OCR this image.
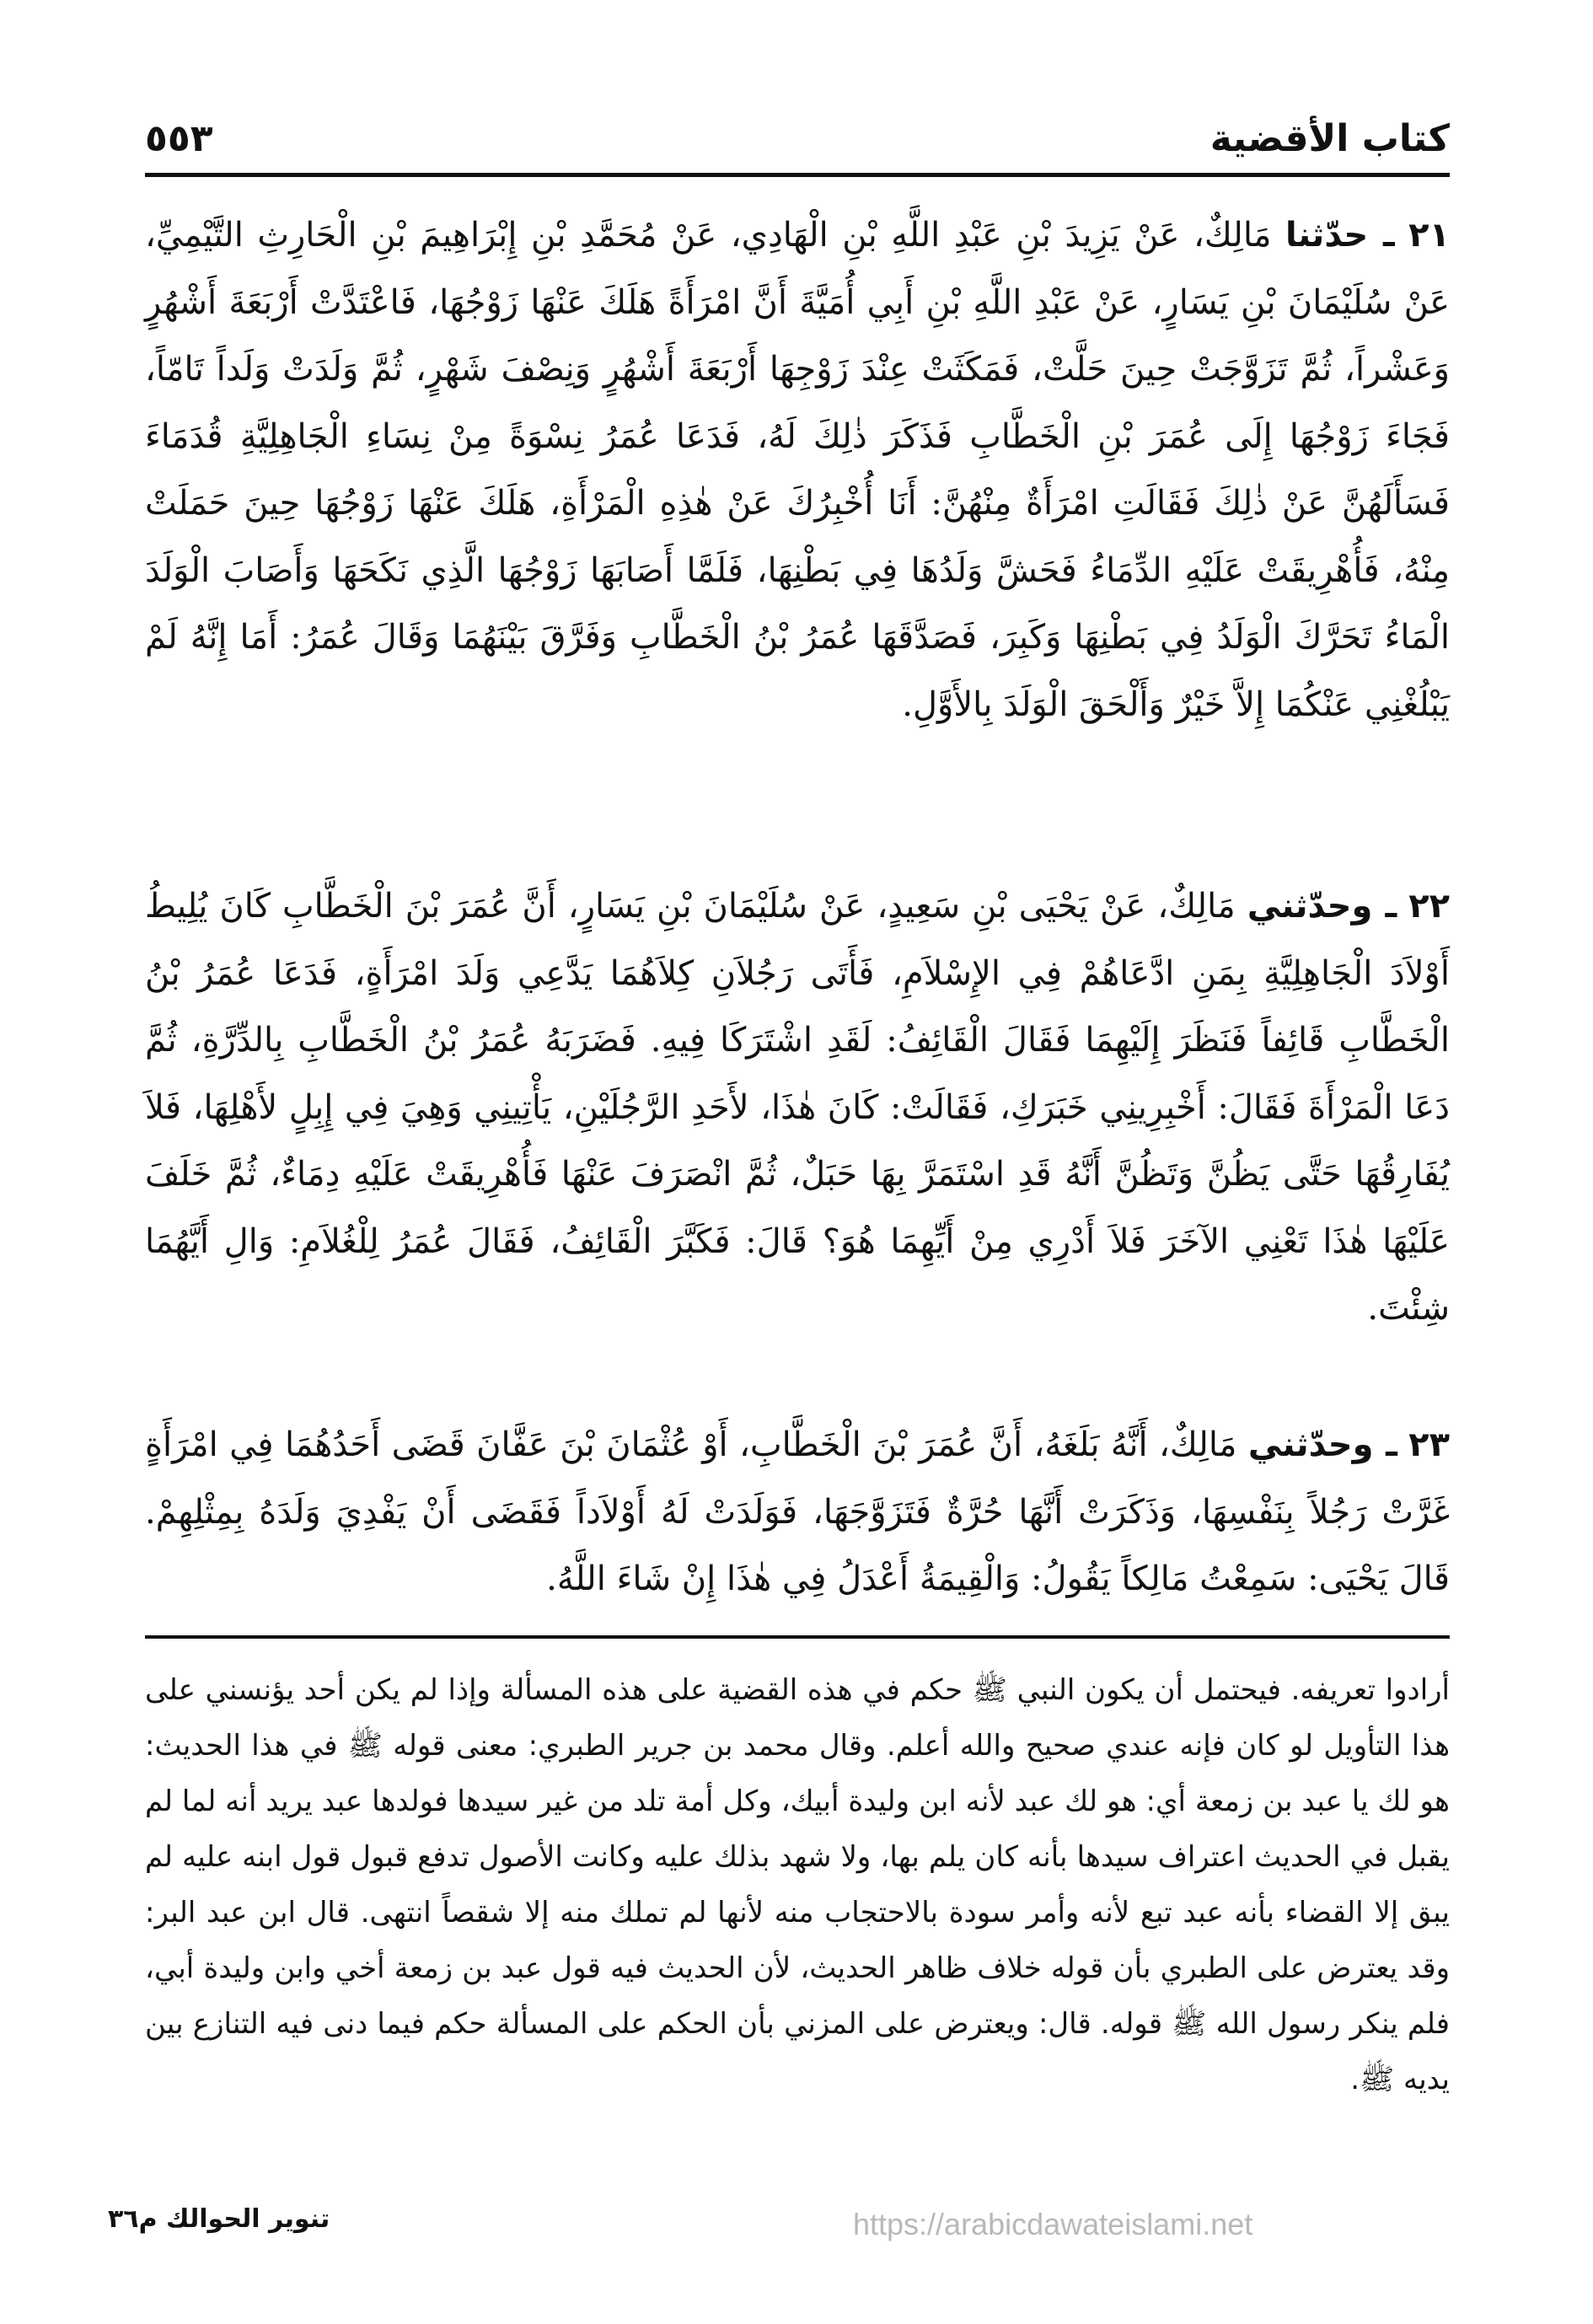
كتاب الأقضية
٥٥٣

٢١ ـ حدّثنا مَالِكٌ، عَنْ يَزِيدَ بْنِ عَبْدِ اللَّهِ بْنِ الْهَادِي، عَنْ مُحَمَّدِ بْنِ إِبْرَاهِيمَ بْنِ الْحَارِثِ التَّيْمِيِّ، عَنْ سُلَيْمَانَ بْنِ يَسَارٍ، عَنْ عَبْدِ اللَّهِ بْنِ أَبِي أُمَيَّةَ أَنَّ امْرَأَةً هَلَكَ عَنْهَا زَوْجُهَا، فَاعْتَدَّتْ أَرْبَعَةَ أَشْهُرٍ وَعَشْراً، ثُمَّ تَزَوَّجَتْ حِينَ حَلَّتْ، فَمَكَثَتْ عِنْدَ زَوْجِهَا أَرْبَعَةَ أَشْهُرٍ وَنِصْفَ شَهْرٍ، ثُمَّ وَلَدَتْ وَلَداً تَامّاً، فَجَاءَ زَوْجُهَا إِلَى عُمَرَ بْنِ الْخَطَّابِ فَذَكَرَ ذٰلِكَ لَهُ، فَدَعَا عُمَرُ نِسْوَةً مِنْ نِسَاءِ الْجَاهِلِيَّةِ قُدَمَاءَ فَسَأَلَهُنَّ عَنْ ذٰلِكَ فَقَالَتِ امْرَأَةٌ مِنْهُنَّ: أَنَا أُخْبِرُكَ عَنْ هٰذِهِ الْمَرْأَةِ، هَلَكَ عَنْهَا زَوْجُهَا حِينَ حَمَلَتْ مِنْهُ، فَأُهْرِيقَتْ عَلَيْهِ الدِّمَاءُ فَحَشَّ وَلَدُهَا فِي بَطْنِهَا، فَلَمَّا أَصَابَهَا زَوْجُهَا الَّذِي نَكَحَهَا وَأَصَابَ الْوَلَدَ الْمَاءُ تَحَرَّكَ الْوَلَدُ فِي بَطْنِهَا وَكَبِرَ، فَصَدَّقَهَا عُمَرُ بْنُ الْخَطَّابِ وَفَرَّقَ بَيْنَهُمَا وَقَالَ عُمَرُ: أَمَا إِنَّهُ لَمْ يَبْلُغْنِي عَنْكُمَا إِلاَّ خَيْرٌ وَأَلْحَقَ الْوَلَدَ بِالأَوَّلِ.

٢٢ ـ وحدّثني مَالِكٌ، عَنْ يَحْيَى بْنِ سَعِيدٍ، عَنْ سُلَيْمَانَ بْنِ يَسَارٍ، أَنَّ عُمَرَ بْنَ الْخَطَّابِ كَانَ يُلِيطُ أَوْلاَدَ الْجَاهِلِيَّةِ بِمَنِ ادَّعَاهُمْ فِي الإِسْلاَمِ، فَأَتَى رَجُلاَنِ كِلاَهُمَا يَدَّعِي وَلَدَ امْرَأَةٍ، فَدَعَا عُمَرُ بْنُ الْخَطَّابِ قَائِفاً فَنَظَرَ إِلَيْهِمَا فَقَالَ الْقَائِفُ: لَقَدِ اشْتَرَكَا فِيهِ. فَضَرَبَهُ عُمَرُ بْنُ الْخَطَّابِ بِالدِّرَّةِ، ثُمَّ دَعَا الْمَرْأَةَ فَقَالَ: أَخْبِرِينِي خَبَرَكِ، فَقَالَتْ: كَانَ هٰذَا، لأَحَدِ الرَّجُلَيْنِ، يَأْتِينِي وَهِيَ فِي إِبِلٍ لأَهْلِهَا، فَلاَ يُفَارِقُهَا حَتَّى يَظُنَّ وَتَظُنَّ أَنَّهُ قَدِ اسْتَمَرَّ بِهَا حَبَلٌ، ثُمَّ انْصَرَفَ عَنْهَا فَأُهْرِيقَتْ عَلَيْهِ دِمَاءٌ، ثُمَّ خَلَفَ عَلَيْهَا هٰذَا تَعْنِي الآخَرَ فَلاَ أَدْرِي مِنْ أَيِّهِمَا هُوَ؟ قَالَ: فَكَبَّرَ الْقَائِفُ، فَقَالَ عُمَرُ لِلْغُلاَمِ: وَالِ أَيَّهُمَا شِئْتَ.

٢٣ ـ وحدّثني مَالِكٌ، أَنَّهُ بَلَغَهُ، أَنَّ عُمَرَ بْنَ الْخَطَّابِ، أَوْ عُثْمَانَ بْنَ عَفَّانَ قَضَى أَحَدُهُمَا فِي امْرَأَةٍ غَرَّتْ رَجُلاً بِنَفْسِهَا، وَذَكَرَتْ أَنَّهَا حُرَّةٌ فَتَزَوَّجَهَا، فَوَلَدَتْ لَهُ أَوْلاَداً فَقَضَى أَنْ يَفْدِيَ وَلَدَهُ بِمِثْلِهِمْ. قَالَ يَحْيَى: سَمِعْتُ مَالِكاً يَقُولُ: وَالْقِيمَةُ أَعْدَلُ فِي هٰذَا إِنْ شَاءَ اللَّهُ.

أرادوا تعريفه. فيحتمل أن يكون النبي ﷺ حكم في هذه القضية على هذه المسألة وإذا لم يكن أحد يؤنسني على هذا التأويل لو كان فإنه عندي صحيح والله أعلم. وقال محمد بن جرير الطبري: معنى قوله ﷺ في هذا الحديث: هو لك يا عبد بن زمعة أي: هو لك عبد لأنه ابن وليدة أبيك، وكل أمة تلد من غير سيدها فولدها عبد يريد أنه لما لم يقبل في الحديث اعتراف سيدها بأنه كان يلم بها، ولا شهد بذلك عليه وكانت الأصول تدفع قبول قول ابنه عليه لم يبق إلا القضاء بأنه عبد تبع لأنه وأمر سودة بالاحتجاب منه لأنها لم تملك منه إلا شقصاً انتهى. قال ابن عبد البر: وقد يعترض على الطبري بأن قوله خلاف ظاهر الحديث، لأن الحديث فيه قول عبد بن زمعة أخي وابن وليدة أبي، فلم ينكر رسول الله ﷺ قوله. قال: ويعترض على المزني بأن الحكم على المسألة حكم فيما دنى فيه التنازع بين يديه ﷺ.

تنوير الحوالك م٣٦	https://arabicdawateislami.net
